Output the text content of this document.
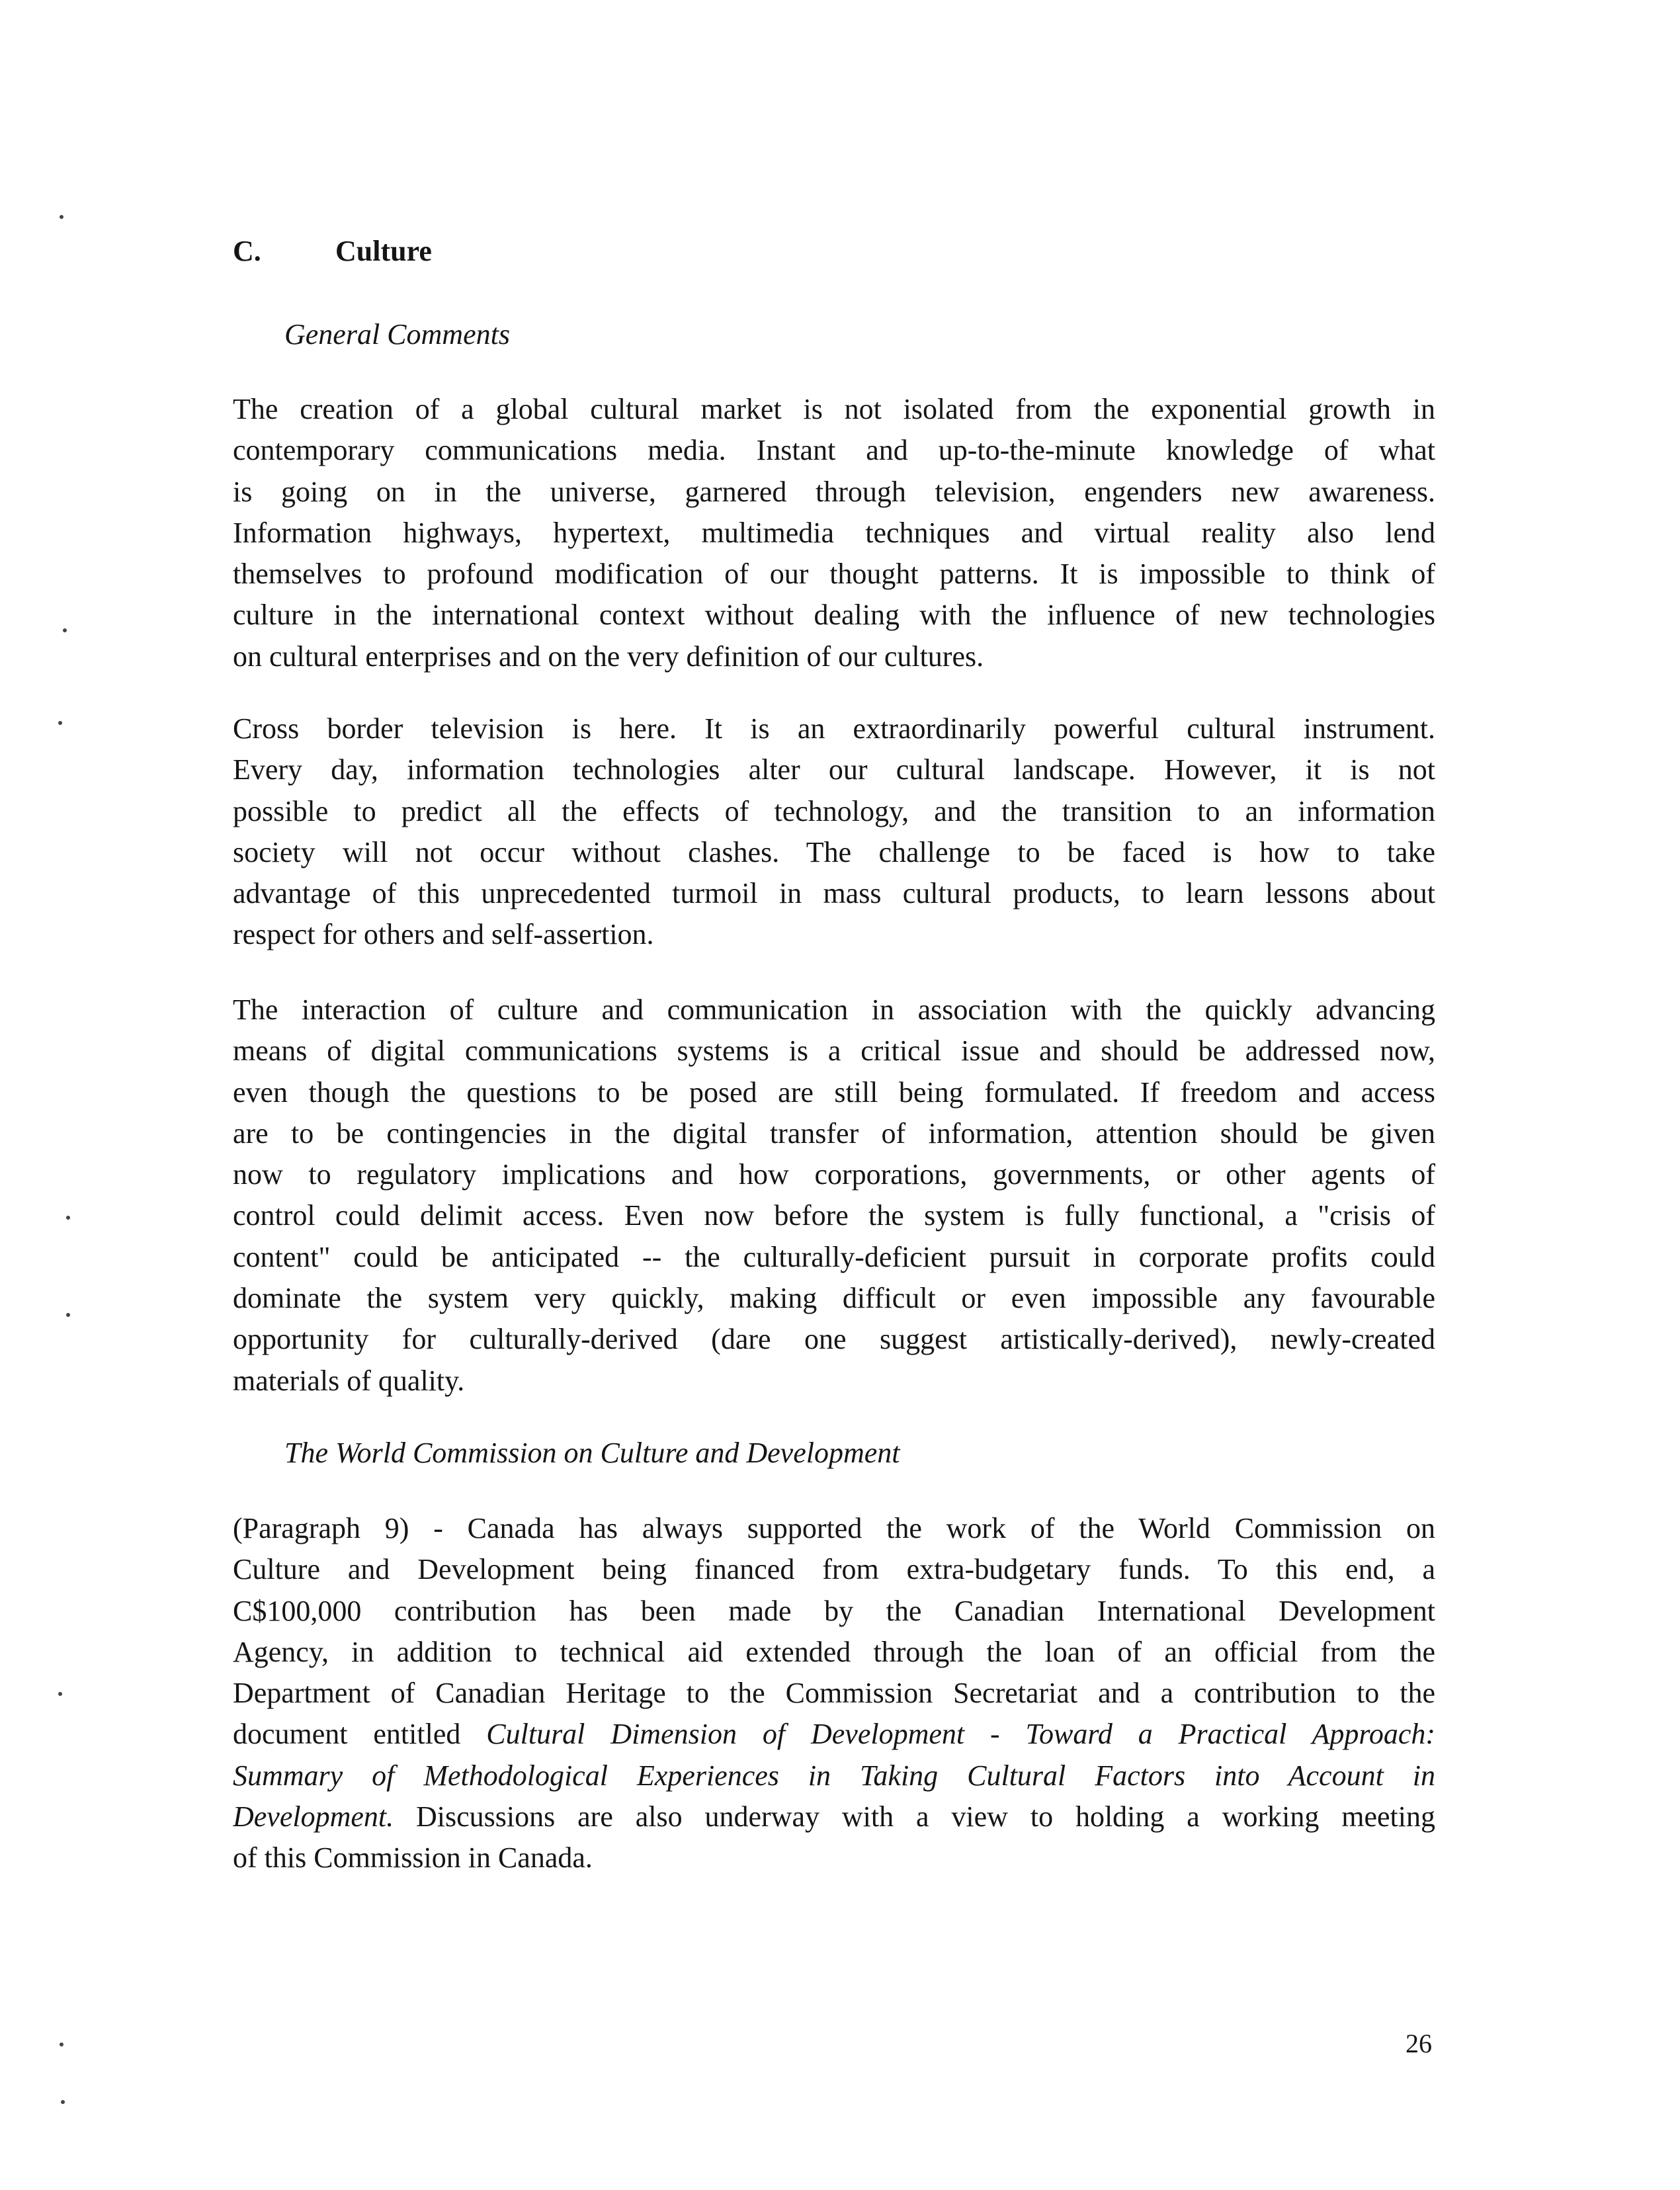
C.	Culture
General Comments
The creation of a global cultural market is not isolated from the exponential growth in
contemporary communications media. Instant and up-to-the-minute knowledge of what
is going on in the universe, garnered through television, engenders new awareness.
Information highways, hypertext, multimedia techniques and virtual reality also lend
themselves to profound modification of our thought patterns. It is impossible to think of
culture in the international context without dealing with the influence of new technologies
on cultural enterprises and on the very definition of our cultures.
Cross border television is here. It is an extraordinarily powerful cultural instrument.
Every day, information technologies alter our cultural landscape. However, it is not
possible to predict all the effects of technology, and the transition to an information
society will not occur without clashes. The challenge to be faced is how to take
advantage of this unprecedented turmoil in mass cultural products, to learn lessons about
respect for others and self-assertion.
The interaction of culture and communication in association with the quickly advancing
means of digital communications systems is a critical issue and should be addressed now,
even though the questions to be posed are still being formulated. If freedom and access
are to be contingencies in the digital transfer of information, attention should be given
now to regulatory implications and how corporations, governments, or other agents of
control could delimit access. Even now before the system is fully functional, a "crisis of
content" could be anticipated -- the culturally-deficient pursuit in corporate profits could
dominate the system very quickly, making difficult or even impossible any favourable
opportunity for culturally-derived (dare one suggest artistically-derived), newly-created
materials of quality.
The World Commission on Culture and Development
(Paragraph 9) - Canada has always supported the work of the World Commission on
Culture and Development being financed from extra-budgetary funds. To this end, a
C$100,000 contribution has been made by the Canadian International Development
Agency, in addition to technical aid extended through the loan of an official from the
Department of Canadian Heritage to the Commission Secretariat and a contribution to the
document entitled Cultural Dimension of Development - Toward a Practical Approach:
Summary of Methodological Experiences in Taking Cultural Factors into Account in
Development. Discussions are also underway with a view to holding a working meeting
of this Commission in Canada.
26
